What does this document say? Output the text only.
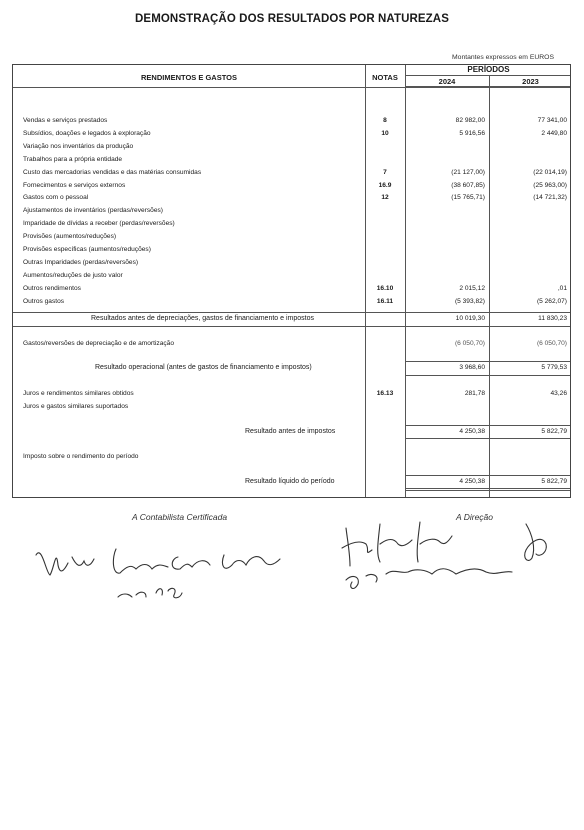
DEMONSTRAÇÃO DOS RESULTADOS POR NATUREZAS
Montantes expressos em EUROS
RENDIMENTOS E GASTOS	NOTAS
PERÍODOS
2024	2023
Vendas e serviços prestados	8	82 982,00	77 341,00
Subsídios, doações e legados à exploração	10	5 916,56	2 449,80
Variação nos inventários da produção
Trabalhos para a própria entidade
Custo das mercadorias vendidas e das matérias consumidas	7	(21 127,00)	(22 014,19)
Fornecimentos e serviços externos	16.9	(38 607,85)	(25 963,00)
Gastos com o pessoal	12	(15 765,71)	(14 721,32)
Ajustamentos de inventários (perdas/reversões)
Imparidade de dívidas a receber (perdas/reversões)
Provisões (aumentos/reduções)
Provisões específicas (aumentos/reduções)
Outras Imparidades (perdas/reversões)
Aumentos/reduções de justo valor
Outros rendimentos	16.10	2 015,12	,01
Outros gastos	16.11	(5 393,82)	(5 262,07)
Resultados antes de depreciações, gastos de financiamento e impostos	10 019,30	11 830,23
Gastos/reversões de depreciação e de amortização	(6 050,70)	(6 050,70)
Resultado operacional (antes de gastos de financiamento e impostos)	3 968,60	5 779,53
Juros e rendimentos similares obtidos	16.13	281,78	43,26
Juros e gastos similares suportados
Resultado antes de impostos	4 250,38	5 822,79
Imposto sobre o rendimento do período
Resultado líquido do período	4 250,38	5 822,79
A Contabilista Certificada	A Direção
